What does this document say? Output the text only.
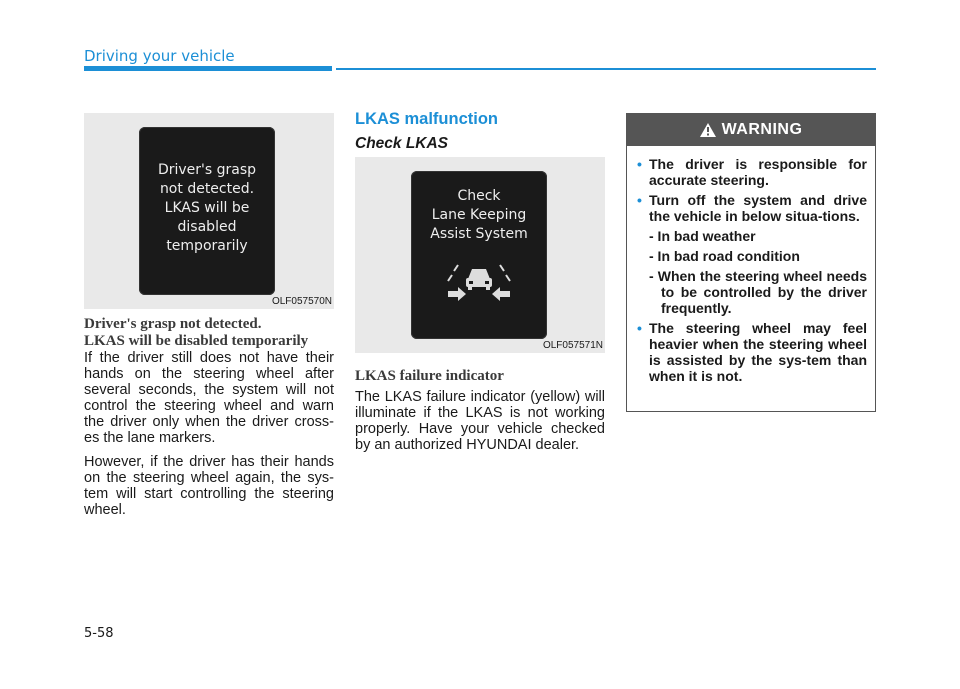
Driving your vehicle
Driver's grasp
not detected.
LKAS will be
disabled
temporarily
OLF057570N
Driver's grasp not detected.
LKAS will be disabled temporarily

If the driver still does not have their hands on the steering wheel after several seconds, the system will not control the steering wheel and warn the driver only when the driver cross-es the lane markers.

However, if the driver has their hands on the steering wheel again, the sys-tem will start controlling the steering wheel.

LKAS malfunction
Check LKAS
Check
Lane Keeping
Assist System
OLF057571N
LKAS failure indicator

The LKAS failure indicator (yellow) will illuminate if the LKAS is not working properly. Have your vehicle checked by an authorized HYUNDAI dealer.

WARNING
• The driver is responsible for accurate steering.
• Turn off the system and drive the vehicle in below situa-tions.
- In bad weather
- In bad road condition
- When the steering wheel needs to be controlled by the driver frequently.
• The steering wheel may feel heavier when the steering wheel is assisted by the sys-tem than when it is not.
5-58
